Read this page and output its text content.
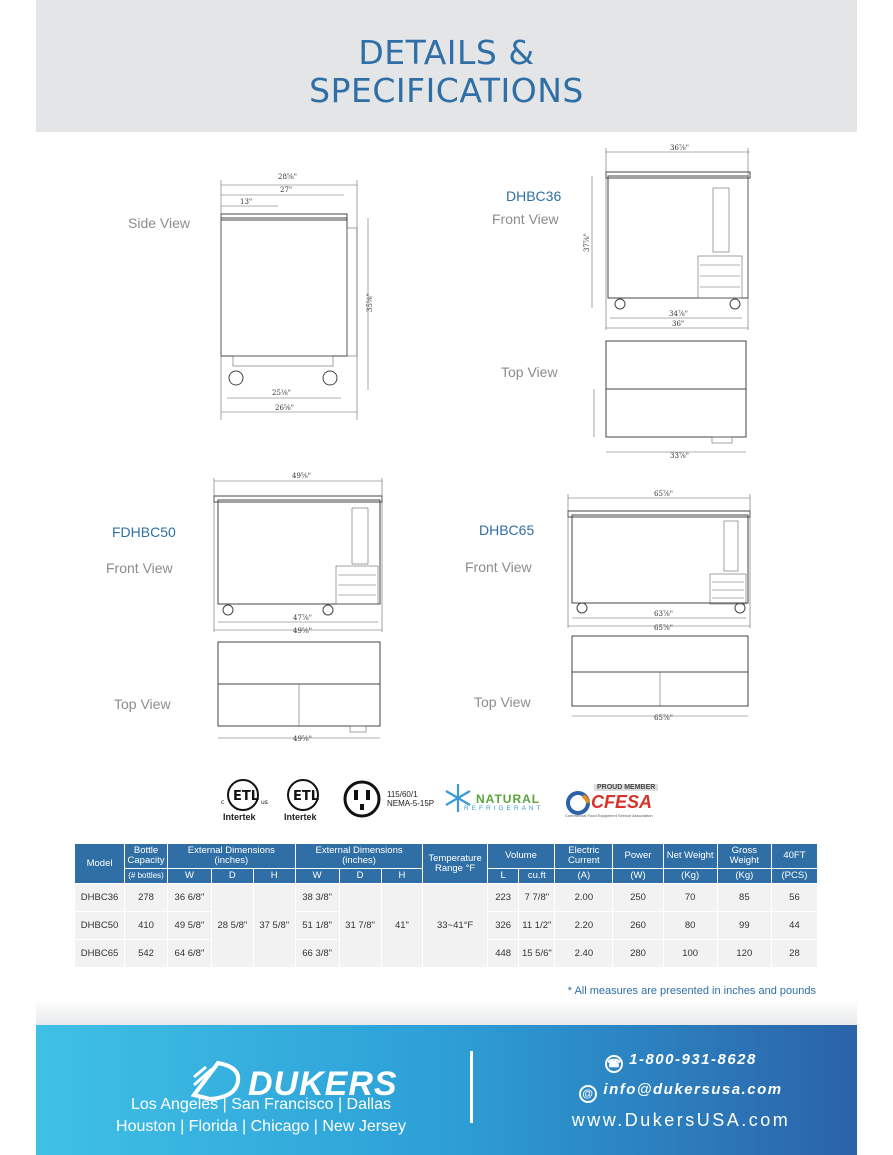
DETAILS &
SPECIFICATIONS
Side View
DHBC36
Front View
Top View
FDHBC50
Front View
Top View
DHBC65
Front View
Top View
28⅝"
27"
13"
35⅝"
25⅛"
26⅝"
36⅞"
37⅞"
34⅞"
36"
33⅞"
49⅝"
47⅞"
49⅝"
49⅝"
65⅞"
63⅞"
65⅞"
65⅞"
ETL
c	us
Intertek
ETL
Intertek
115/60/1
NEMA-5-15P	NATURAL
REFRIGERANT
PROUD MEMBER
CFESA
Commercial Food Equipment Service Association
Model	Bottle Capacity	External Dimensions (inches)			External Dimensions (inches)			Temperature Range °F	Volume		Electric Current	Power	Net Weight	Gross Weight	40FT
	(# bottles)	W	D	H	W	D	H		L	cu.ft	(A)	(W)	(Kg)	(Kg)	(PCS)
DHBC36	278	36 6/8"	28 5/8"	37 5/8"	38 3/8"	31 7/8"	41"	33~41°F	223	7 7/8"	2.00	250	70	85	56
DHBC50	410	49 5/8"			51 1/8"				326	11 1/2"	2.20	260	80	99	44
DHBC65	542	64 6/8"			66 3/8"				448	15 5/6"	2.40	280	100	120	28
* All measures are presented in inches and pounds
DUKERS
Los Angeles | San Francisco | Dallas
Houston | Florida | Chicago | New Jersey
☎ 1-800-931-8628
@ info@dukersusa.com
www.DukersUSA.com
